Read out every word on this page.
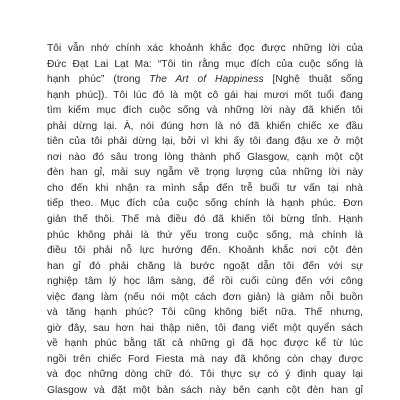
Tôi vẫn nhớ chính xác khoảnh khắc đọc được những lời của
Đức Đạt Lai Lạt Ma: “Tôi tin rằng mục đích của cuộc sống là
hạnh phúc” (trong The Art of Happiness [Nghệ thuật sống
hạnh phúc]). Tôi lúc đó là một cô gái hai mươi mốt tuổi đang
tìm kiếm mục đích cuộc sống và những lời này đã khiến tôi
phải dừng lại. À, nói đúng hơn là nó đã khiến chiếc xe đầu
tiên của tôi phải dừng lại, bởi vì khi ấy tôi đang đậu xe ở một
nơi nào đó sâu trong lòng thành phố Glasgow, cạnh một cột
đèn han gỉ, mải suy ngẫm về trọng lượng của những lời này
cho đến khi nhận ra mình sắp đến trễ buổi tư vấn tại nhà
tiếp theo. Mục đích của cuộc sống chính là hạnh phúc. Đơn
giản thế thôi. Thế mà điều đó đã khiến tôi bừng tỉnh. Hạnh
phúc không phải là thứ yếu trong cuộc sống, mà chính là
điều tôi phải nỗ lực hướng đến. Khoảnh khắc nơi cột đèn
han gỉ đó phải chăng là bước ngoặt dẫn tôi đến với sự
nghiệp tâm lý học lâm sàng, để rồi cuối cùng đến với công
việc đang làm (nếu nói một cách đơn giản) là giảm nỗi buồn
và tăng hạnh phúc? Tôi cũng không biết nữa. Thế nhưng,
giờ đây, sau hơn hai thập niên, tôi đang viết một quyển sách
về hạnh phúc bằng tất cả những gì đã học được kể từ lúc
ngồi trên chiếc Ford Fiesta mà nay đã không còn chạy được
và đọc những dòng chữ đó. Tôi thực sự có ý định quay lại
Glasgow và đặt một bản sách này bên cạnh cột đèn han gỉ
